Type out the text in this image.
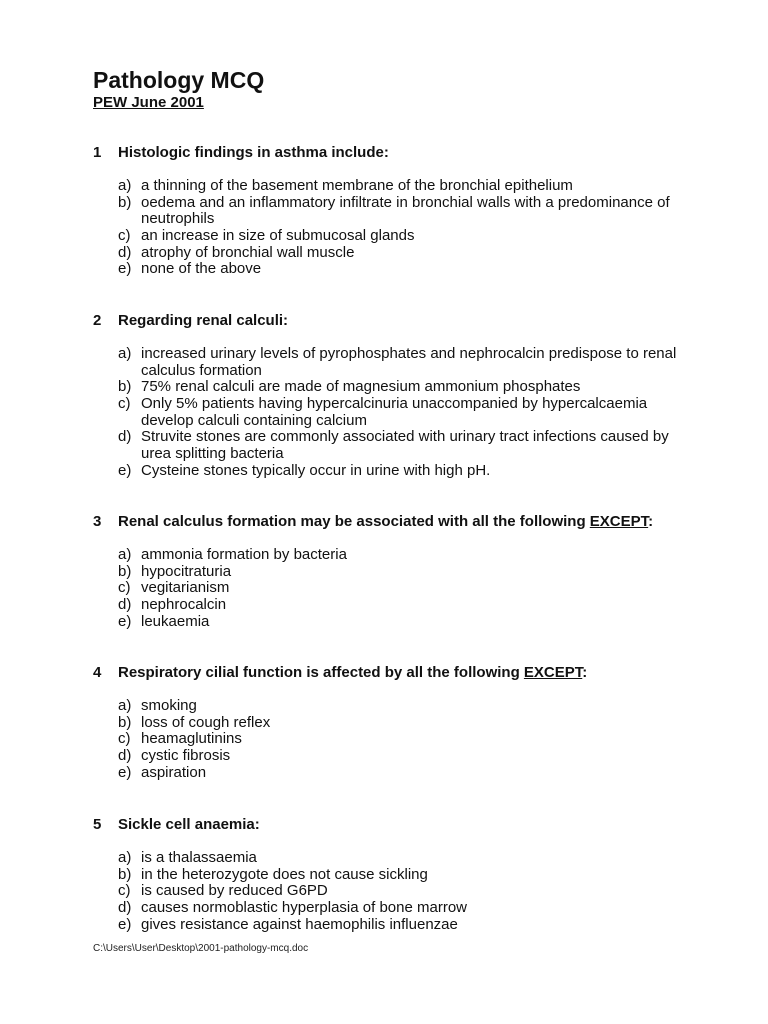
Pathology MCQ
PEW June 2001
1 Histologic findings in asthma include:
a) a thinning of the basement membrane of the bronchial epithelium
b) oedema and an inflammatory infiltrate in bronchial walls with a predominance of neutrophils
c) an increase in size of submucosal glands
d) atrophy of bronchial wall muscle
e) none of the above
2 Regarding renal calculi:
a) increased urinary levels of pyrophosphates and nephrocalcin predispose to renal calculus formation
b) 75% renal calculi are made of magnesium ammonium phosphates
c) Only 5% patients having hypercalcinuria unaccompanied by hypercalcaemia develop calculi containing calcium
d) Struvite stones are commonly associated with urinary tract infections caused by urea splitting bacteria
e) Cysteine stones typically occur in urine with high pH.
3 Renal calculus formation may be associated with all the following EXCEPT:
a) ammonia formation by bacteria
b) hypocitraturia
c) vegitarianism
d) nephrocalcin
e) leukaemia
4 Respiratory cilial function is affected by all the following EXCEPT:
a) smoking
b) loss of cough reflex
c) heamaglutinins
d) cystic fibrosis
e) aspiration
5 Sickle cell anaemia:
a) is a thalassaemia
b) in the heterozygote does not cause sickling
c) is caused by reduced G6PD
d) causes normoblastic hyperplasia of bone marrow
e) gives resistance against haemophilis influenzae
C:\Users\User\Desktop\2001-pathology-mcq.doc
